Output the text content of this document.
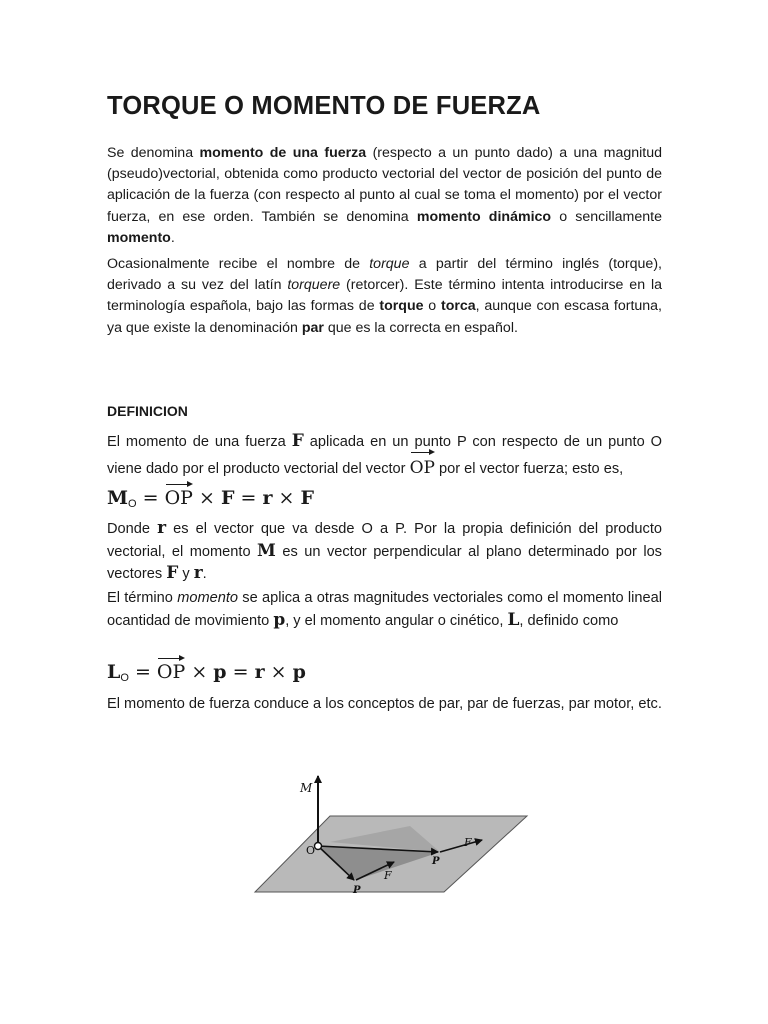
TORQUE O MOMENTO DE FUERZA

Se denomina momento de una fuerza (respecto a un punto dado) a una magnitud (pseudo)vectorial, obtenida como producto vectorial del vector de posición del punto de aplicación de la fuerza (con respecto al punto al cual se toma el momento) por el vector fuerza, en ese orden. También se denomina momento dinámico o sencillamente momento.

Ocasionalmente recibe el nombre de torque a partir del término inglés (torque), derivado a su vez del latín torquere (retorcer). Este término intenta introducirse en la terminología española, bajo las formas de torque o torca, aunque con escasa fortuna, ya que existe la denominación par que es la correcta en español.

DEFINICION

El momento de una fuerza F aplicada en un punto P con respecto de un punto O viene dado por el producto vectorial del vector OP por el vector fuerza; esto es,

MO = OP × F = r × F

Donde r es el vector que va desde O a P. Por la propia definición del producto vectorial, el momento M es un vector perpendicular al plano determinado por los vectores F y r.

El término momento se aplica a otras magnitudes vectoriales como el momento lineal ocantidad de movimiento p, y el momento angular o cinético, L, definido como

LO = OP × p = r × p

El momento de fuerza conduce a los conceptos de par, par de fuerzas, par motor, etc.

M
O
P
F
P
F
